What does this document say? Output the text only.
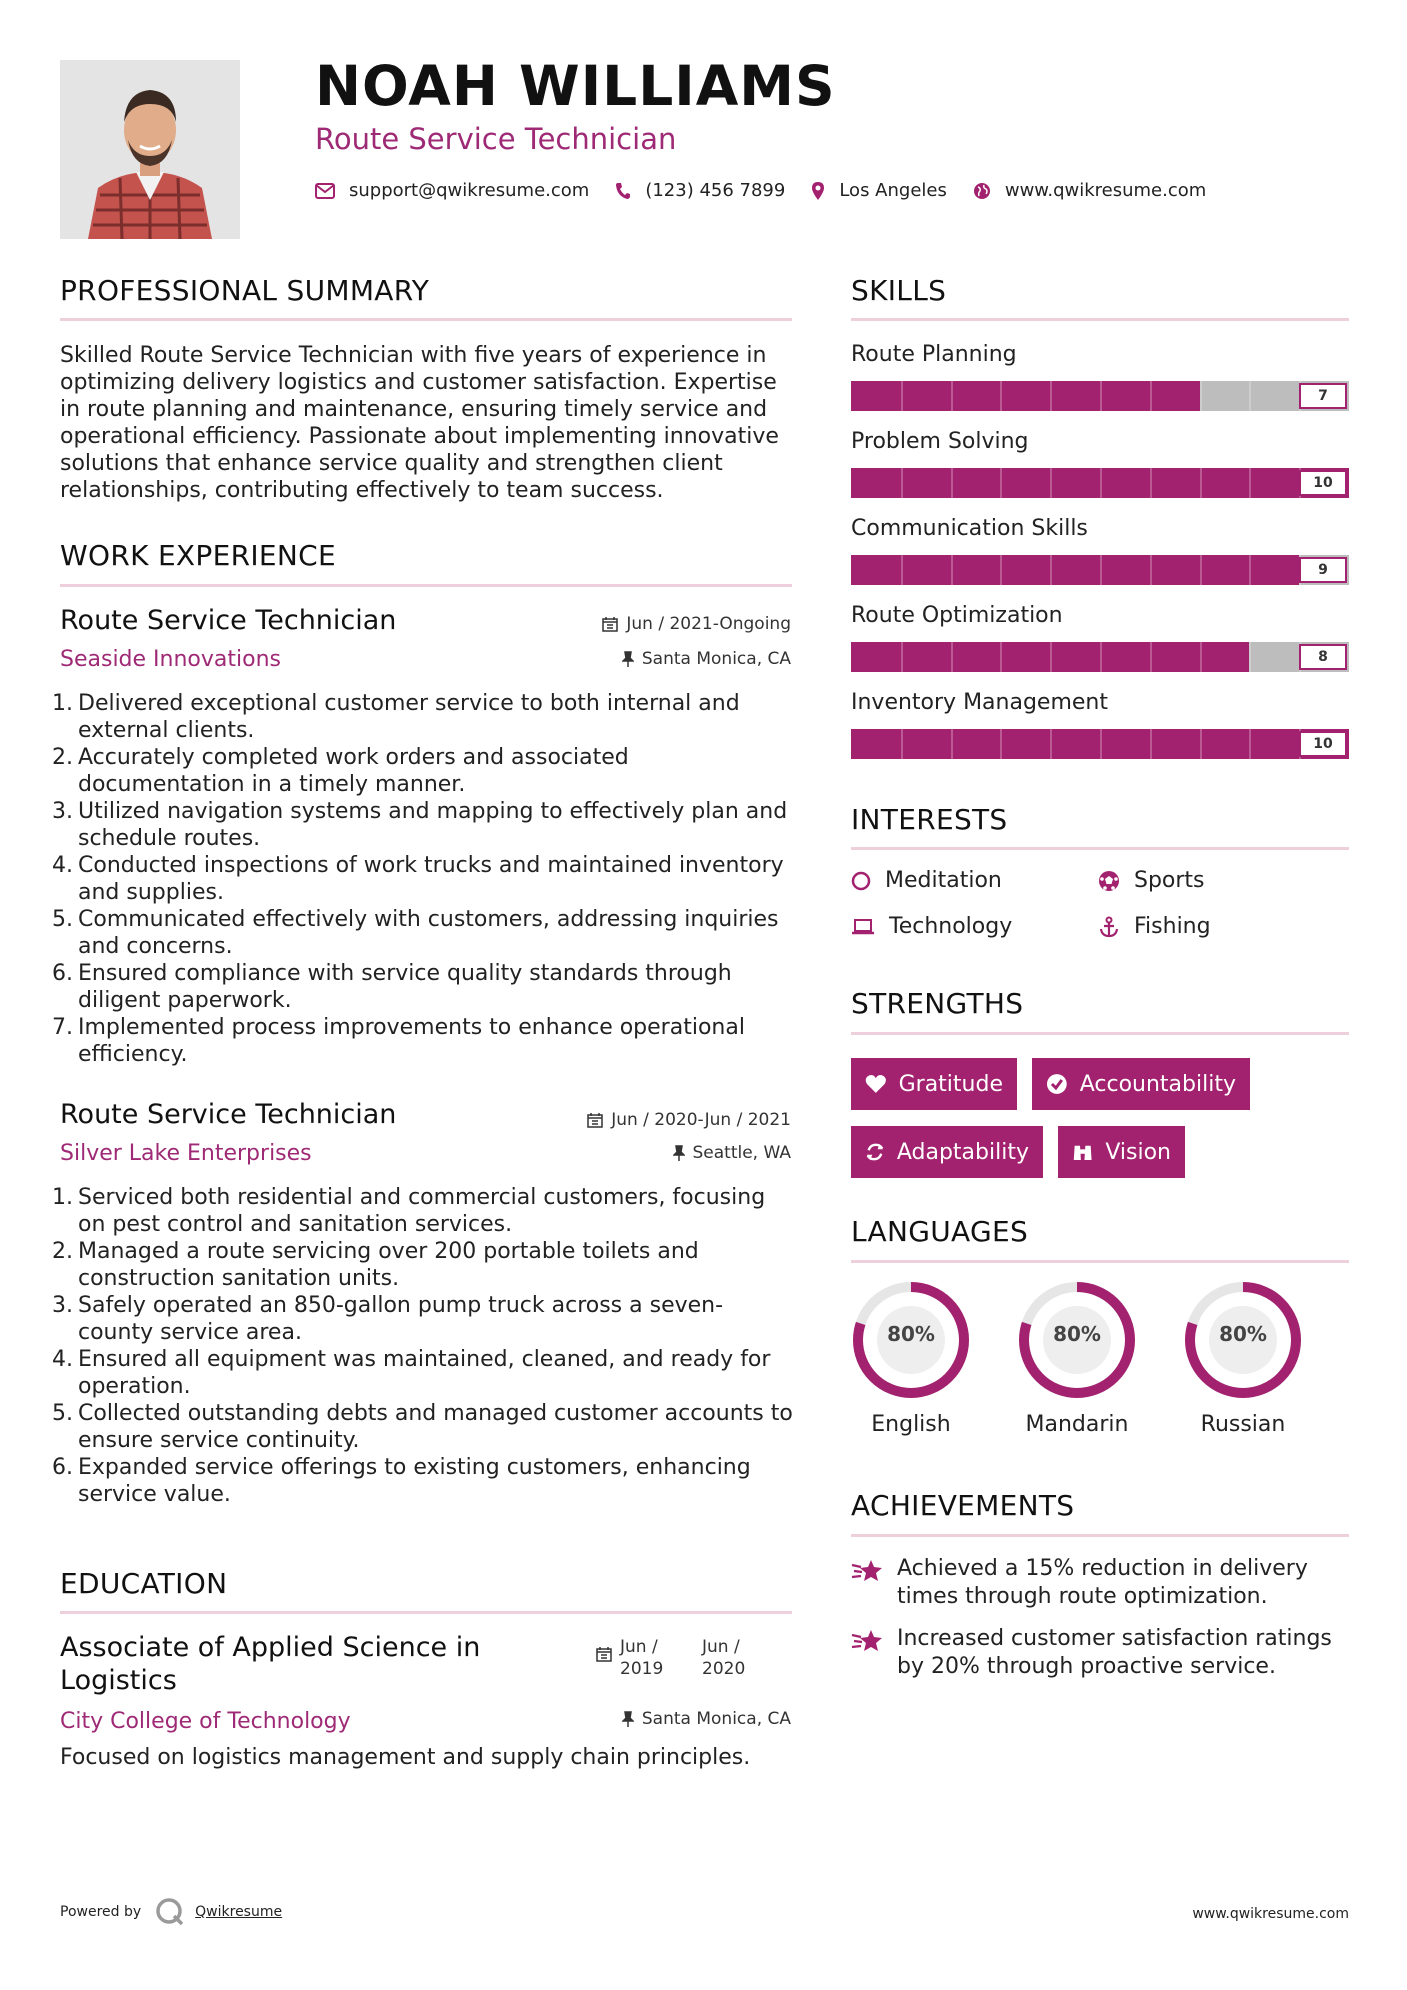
NOAH WILLIAMS
Route Service Technician
support@qwikresume.com	(123) 456 7899	Los Angeles	www.qwikresume.com
PROFESSIONAL SUMMARY
Skilled Route Service Technician with five years of experience in optimizing delivery logistics and customer satisfaction. Expertise in route planning and maintenance, ensuring timely service and operational efficiency. Passionate about implementing innovative solutions that enhance service quality and strengthen client relationships, contributing effectively to team success.
WORK EXPERIENCE
Route Service Technician	Jun / 2021-Ongoing
Seaside Innovations	Santa Monica, CA
Delivered exceptional customer service to both internal and external clients.
Accurately completed work orders and associated documentation in a timely manner.
Utilized navigation systems and mapping to effectively plan and schedule routes.
Conducted inspections of work trucks and maintained inventory and supplies.
Communicated effectively with customers, addressing inquiries and concerns.
Ensured compliance with service quality standards through diligent paperwork.
Implemented process improvements to enhance operational efficiency.
Route Service Technician	Jun / 2020-Jun / 2021
Silver Lake Enterprises	Seattle, WA
Serviced both residential and commercial customers, focusing on pest control and sanitation services.
Managed a route servicing over 200 portable toilets and construction sanitation units.
Safely operated an 850-gallon pump truck across a seven-county service area.
Ensured all equipment was maintained, cleaned, and ready for operation.
Collected outstanding debts and managed customer accounts to ensure service continuity.
Expanded service offerings to existing customers, enhancing service value.
EDUCATION
Associate of Applied Science in Logistics
Jun / 2019
Jun / 2020
City College of Technology	Santa Monica, CA
Focused on logistics management and supply chain principles.
SKILLS
Route Planning
7
Problem Solving
10
Communication Skills
9
Route Optimization
8
Inventory Management
10
INTERESTS
Meditation	Sports
Technology	Fishing
STRENGTHS
Gratitude	Accountability
Adaptability	Vision
LANGUAGES
80%
English
80%
Mandarin
80%
Russian
ACHIEVEMENTS
Achieved a 15% reduction in delivery times through route optimization.
Increased customer satisfaction ratings by 20% through proactive service.
Powered by	Qwikresume	www.qwikresume.com
